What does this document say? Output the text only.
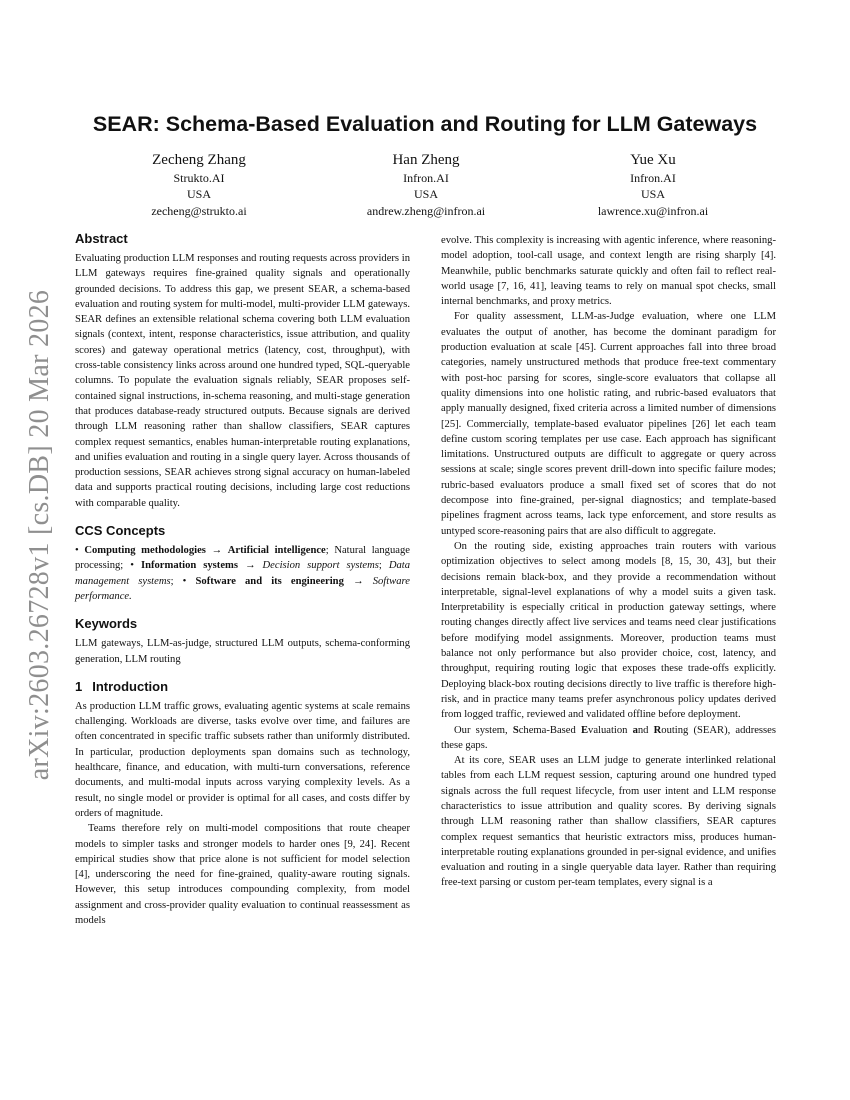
arXiv:2603.26728v1 [cs.DB] 20 Mar 2026
SEAR: Schema-Based Evaluation and Routing for LLM Gateways
Zecheng Zhang
Strukto.AI
USA
zecheng@strukto.ai
Han Zheng
Infron.AI
USA
andrew.zheng@infron.ai
Yue Xu
Infron.AI
USA
lawrence.xu@infron.ai
Abstract

Evaluating production LLM responses and routing requests across providers in LLM gateways requires fine-grained quality signals and operationally grounded decisions. To address this gap, we present SEAR, a schema-based evaluation and routing system for multi-model, multi-provider LLM gateways. SEAR defines an extensible relational schema covering both LLM evaluation signals (context, intent, response characteristics, issue attribution, and quality scores) and gateway operational metrics (latency, cost, throughput), with cross-table consistency links across around one hundred typed, SQL-queryable columns. To populate the evaluation signals reliably, SEAR proposes self-contained signal instructions, in-schema reasoning, and multi-stage generation that produces database-ready structured outputs. Because signals are derived through LLM reasoning rather than shallow classifiers, SEAR captures complex request semantics, enables human-interpretable routing explanations, and unifies evaluation and routing in a single query layer. Across thousands of production sessions, SEAR achieves strong signal accuracy on human-labeled data and supports practical routing decisions, including large cost reductions with comparable quality.

CCS Concepts

• Computing methodologies → Artificial intelligence; Natural language processing; • Information systems → Decision support systems; Data management systems; • Software and its engineering → Software performance.

Keywords

LLM gateways, LLM-as-judge, structured LLM outputs, schema-conforming generation, LLM routing

1 Introduction

As production LLM traffic grows, evaluating agentic systems at scale remains challenging. Workloads are diverse, tasks evolve over time, and failures are often concentrated in specific traffic subsets rather than uniformly distributed. In particular, production deployments span domains such as technology, healthcare, finance, and education, with multi-turn conversations, reference documents, and multi-modal inputs across varying complexity levels. As a result, no single model or provider is optimal for all cases, and costs differ by orders of magnitude.

Teams therefore rely on multi-model compositions that route cheaper models to simpler tasks and stronger models to harder ones [9, 24]. Recent empirical studies show that price alone is not sufficient for model selection [4], underscoring the need for fine-grained, quality-aware routing signals. However, this setup introduces compounding complexity, from model assignment and cross-provider quality evaluation to continual reassessment as models

evolve. This complexity is increasing with agentic inference, where reasoning-model adoption, tool-call usage, and context length are rising sharply [4]. Meanwhile, public benchmarks saturate quickly and often fail to reflect real-world usage [7, 16, 41], leaving teams to rely on manual spot checks, small internal benchmarks, and proxy metrics.

For quality assessment, LLM-as-Judge evaluation, where one LLM evaluates the output of another, has become the dominant paradigm for production evaluation at scale [45]. Current approaches fall into three broad categories, namely unstructured methods that produce free-text commentary with post-hoc parsing for scores, single-score evaluators that collapse all quality dimensions into one holistic rating, and rubric-based evaluators that apply manually designed, fixed criteria across a limited number of dimensions [25]. Commercially, template-based evaluator pipelines [26] let each team define custom scoring templates per use case. Each approach has significant limitations. Unstructured outputs are difficult to aggregate or query across sessions at scale; single scores prevent drill-down into specific failure modes; rubric-based evaluators produce a small fixed set of scores that do not decompose into fine-grained, per-signal diagnostics; and template-based pipelines fragment across teams, lack type enforcement, and store results as untyped score-reasoning pairs that are also difficult to aggregate.

On the routing side, existing approaches train routers with various optimization objectives to select among models [8, 15, 30, 43], but their decisions remain black-box, and they provide a recommendation without interpretable, signal-level explanations of why a model suits a given task. Interpretability is especially critical in production gateway settings, where routing changes directly affect live services and teams need clear justifications before modifying model assignments. Moreover, production teams must balance not only performance but also provider choice, cost, latency, and throughput, requiring routing logic that exposes these trade-offs explicitly. Deploying black-box routing decisions directly to live traffic is therefore high-risk, and in practice many teams prefer asynchronous policy updates derived from logged traffic, reviewed and validated offline before deployment.

Our system, Schema-Based Evaluation and Routing (SEAR), addresses these gaps.

At its core, SEAR uses an LLM judge to generate interlinked relational tables from each LLM request session, capturing around one hundred typed signals across the full request lifecycle, from user intent and LLM response characteristics to issue attribution and quality scores. By deriving signals through LLM reasoning rather than shallow classifiers, SEAR captures complex request semantics that heuristic extractors miss, produces human-interpretable routing explanations grounded in per-signal evidence, and unifies evaluation and routing in a single queryable data layer. Rather than requiring free-text parsing or custom per-team templates, every signal is a
